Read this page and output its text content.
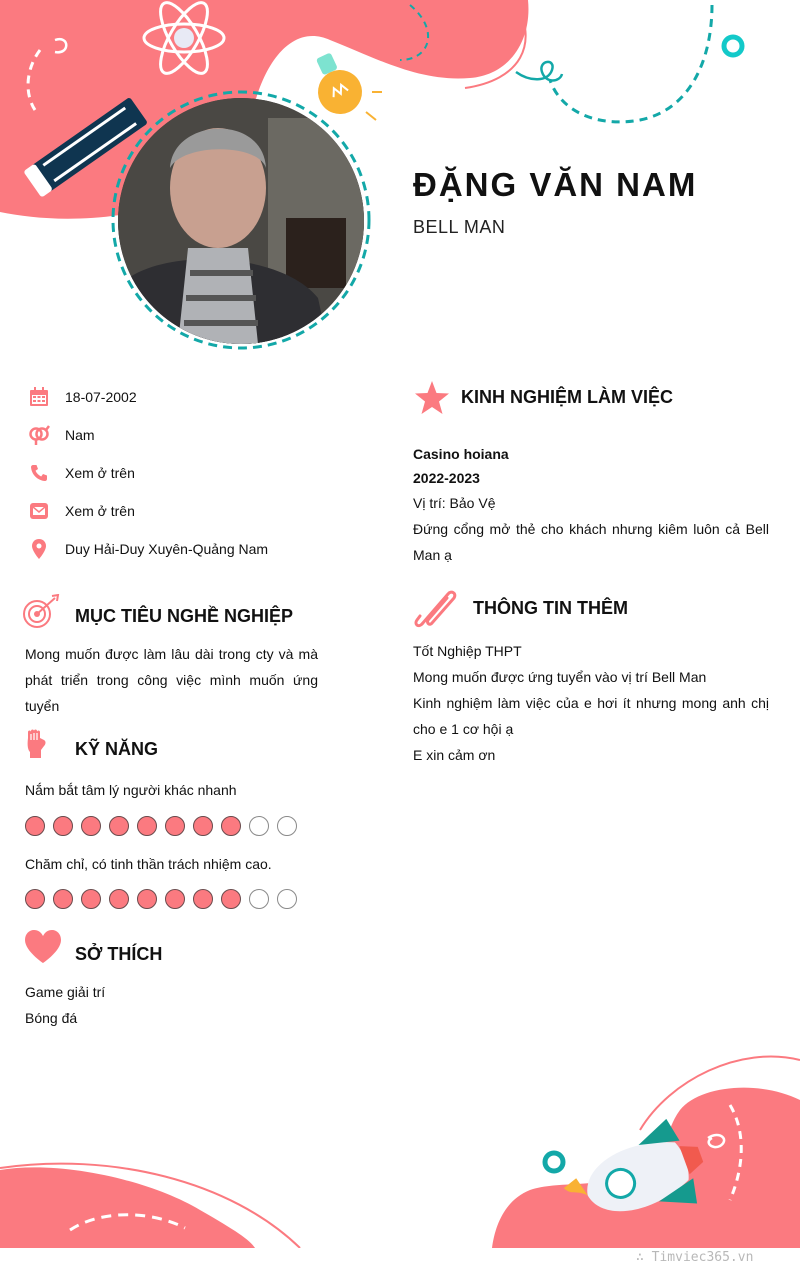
ĐẶNG VĂN NAM
BELL MAN
18-07-2002
Nam
Xem ở trên
Xem ở trên
Duy Hải-Duy Xuyên-Quảng Nam
MỤC TIÊU NGHỀ NGHIỆP
Mong muốn được làm lâu dài trong cty và mà phát triển trong công việc mình muốn ứng tuyển
KỸ NĂNG
Nắm bắt tâm lý người khác nhanh
Chăm chỉ, có tinh thần trách nhiệm cao.
SỞ THÍCH
Game giải trí
Bóng đá
KINH NGHIỆM LÀM VIỆC
Casino hoiana
2022-2023
Vị trí: Bảo Vệ
Đứng cổng mở thẻ cho khách nhưng kiêm luôn cả Bell Man ạ
THÔNG TIN THÊM
Tốt Nghiệp THPT
Mong muốn được ứng tuyển vào vị trí Bell Man
Kinh nghiệm làm việc của e hơi ít nhưng mong anh chị cho e 1 cơ hội ạ
E xin cảm ơn
∴ Timviec365.vn
